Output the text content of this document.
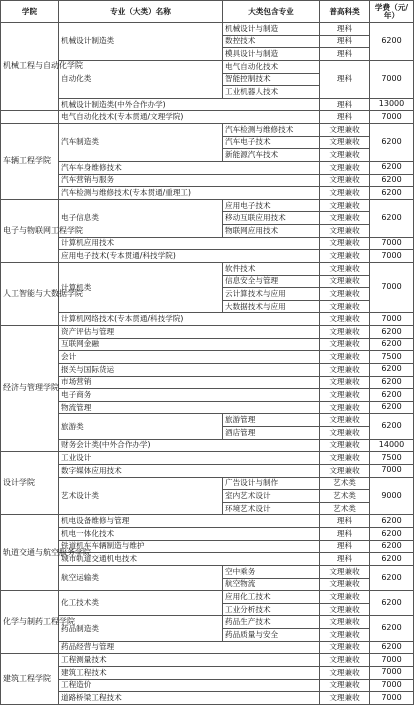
学院	专业（大类）名称	大类包含专业	普高科类	学费（元/年）
机械工程与自动化学院	机械设计制造类	机械设计与制造	理科	6200
		数控技术	理科	
		模具设计与制造	理科	
	自动化类	电气自动化技术	理科	7000
		智能控制技术		
		工业机器人技术		
	机械设计制造类(中外合作办学)		理科	13000
	电气自动化技术(专本贯通/文理学院)		理科	7000
车辆工程学院	汽车制造类	汽车检测与维修技术	文理兼收	6200
		汽车电子技术	文理兼收	
		新能源汽车技术	文理兼收	
	汽车车身维修技术		文理兼收	6200
	汽车营销与服务		文理兼收	6200
	汽车检测与维修技术(专本贯通/重理工)		文理兼收	6200
电子与物联网工程学院	电子信息类	应用电子技术	文理兼收	6200
		移动互联应用技术	文理兼收	
		物联网应用技术	文理兼收	
	计算机应用技术		文理兼收	7000
	应用电子技术(专本贯通/科技学院)		文理兼收	7000
人工智能与大数据学院	计算机类	软件技术	文理兼收	7000
		信息安全与管理	文理兼收	
		云计算技术与应用	文理兼收	
		大数据技术与应用	文理兼收	
	计算机网络技术(专本贯通/科技学院)		文理兼收	7000
经济与管理学院	资产评估与管理		文理兼收	6200
	互联网金融		文理兼收	6200
	会计		文理兼收	7500
	报关与国际货运		文理兼收	6200
	市场营销		文理兼收	6200
	电子商务		文理兼收	6200
	物流管理		文理兼收	6200
	旅游类	旅游管理	文理兼收	6200
		酒店管理	文理兼收	
	财务会计类(中外合作办学)		文理兼收	14000
设计学院	工业设计		文理兼收	7500
	数字媒体应用技术		文理兼收	7000
	艺术设计类	广告设计与制作	艺术类	9000
		室内艺术设计	艺术类	
		环境艺术设计	艺术类	
轨道交通与航空服务学院	机电设备维修与管理		理科	6200
	机电一体化技术		理科	6200
	铁道机车车辆制造与维护		理科	6200
	城市轨道交通机电技术		理科	6200
	航空运输类	空中乘务	文理兼收	6200
		航空物流	文理兼收	
化学与制药工程学院	化工技术类	应用化工技术	文理兼收	6200
		工业分析技术	文理兼收	
	药品制造类	药品生产技术	文理兼收	6200
		药品质量与安全	文理兼收	
	药品经营与管理		文理兼收	6200
建筑工程学院	工程测量技术		文理兼收	7000
	建筑工程技术		文理兼收	7000
	工程造价		文理兼收	7000
	道路桥梁工程技术		文理兼收	7000
